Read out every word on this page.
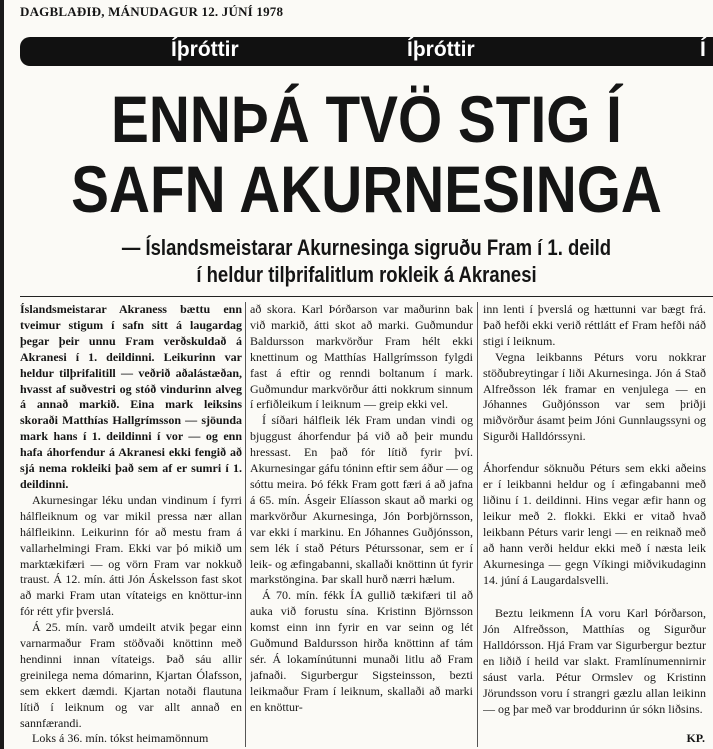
DAGBLAÐIÐ, MÁNUDAGUR 12. JÚNÍ 1978
Íþróttir	Íþróttir	Í
ENNÞÁ TVÖ STIG Í
SAFN AKURNESINGA
— Íslandsmeistarar Akurnesinga sigruðu Fram í 1. deild
í heldur tilþrifalitlum rokleik á Akranesi

Íslandsmeistarar Akraness bættu enn tveimur stigum í safn sitt á laugardag þegar þeir unnu Fram verðskuldað á Akranesi í 1. deildinni. Leikurinn var heldur tilþrifalitill — veðrið aðalástæðan, hvasst af suðvestri og stóð vindurinn alveg á annað markið. Eina mark leiksins skoraði Matthías Hallgrímsson — sjöunda mark hans í 1. deildinni í vor — og enn hafa áhorfendur á Akranesi ekki fengið að sjá nema rokleiki það sem af er sumri í 1. deildinni.

Akurnesingar léku undan vindinum í fyrri hálfleiknum og var mikil pressa nær allan hálfleikinn. Leikurinn fór að mestu fram á vallarhelmingi Fram. Ekki var þó mikið um marktækifæri — og vörn Fram var nokkuð traust. Á 12. mín. átti Jón Áskelsson fast skot að marki Fram utan vítateigs en knöttur-inn fór rétt yfir þverslá.

Á 25. mín. varð umdeilt atvik þegar einn varnarmaður Fram stöðvaði knöttinn með hendinni innan vítateigs. Það sáu allir greinilega nema dómarinn, Kjartan Ólafsson, sem ekkert dæmdi. Kjartan notaði flautuna lítið í leiknum og var allt annað en sannfærandi.

Loks á 36. mín. tókst heimamönnum

að skora. Karl Þórðarson var maðurinn bak við markið, átti skot að marki. Guðmundur Baldursson markvörður Fram hélt ekki knettinum og Matthías Hallgrímsson fylgdi fast á eftir og renndi boltanum í mark. Guðmundur markvörður átti nokkrum sinnum í erfiðleikum í leiknum — greip ekki vel.

Í síðari hálfleik lék Fram undan vindi og bjuggust áhorfendur þá við að þeir mundu hressast. En það fór lítið fyrir því. Akurnesingar gáfu tóninn eftir sem áður — og sóttu meira. Þó fékk Fram gott færi á að jafna á 65. mín. Ásgeir Elíasson skaut að marki og markvörður Akurnesinga, Jón Þorbjörnsson, var ekki í markinu. En Jóhannes Guðjónsson, sem lék í stað Péturs Péturssonar, sem er í leik- og æfingabanni, skallaði knöttinn út fyrir markstöngina. Þar skall hurð nærri hælum.

Á 70. mín. fékk ÍA gullið tækifæri til að auka við forustu sína. Kristinn Björnsson komst einn inn fyrir en var seinn og lét Guðmund Baldursson hirða knöttinn af tám sér. Á lokamínútunni munaði litlu að Fram jafnaði. Sigurbergur Sigsteinsson, bezti leikmaður Fram í leiknum, skallaði að marki en knöttur-

inn lenti í þverslá og hættunni var bægt frá. Það hefði ekki verið réttlátt ef Fram hefði náð stigi í leiknum.

Vegna leikbanns Péturs voru nokkrar stöðubreytingar í liði Akurnesinga. Jón á Stað Alfreðsson lék framar en venjulega — en Jóhannes Guðjónsson var sem þriðji miðvörður ásamt þeim Jóni Gunnlaugssyni og Sigurði Halldórssyni.

Áhorfendur söknuðu Péturs sem ekki aðeins er í leikbanni heldur og í æfingabanni með liðinu í 1. deildinni. Hins vegar æfir hann og leikur með 2. flokki. Ekki er vitað hvað leikbann Péturs varir lengi — en reiknað með að hann verði heldur ekki með í næsta leik Akurnesinga — gegn Víkingi miðvikudaginn 14. júní á Laugardalsvelli.

Beztu leikmenn ÍA voru Karl Þórðarson, Jón Alfreðsson, Matthías og Sigurður Halldórsson. Hjá Fram var Sigurbergur beztur en liðið í heild var slakt. Framlínumennirnir sáust varla. Pétur Ormslev og Kristinn Jörundsson voru í strangri gæzlu allan leikinn — og þar með var broddurinn úr sókn liðsins.

KP.
